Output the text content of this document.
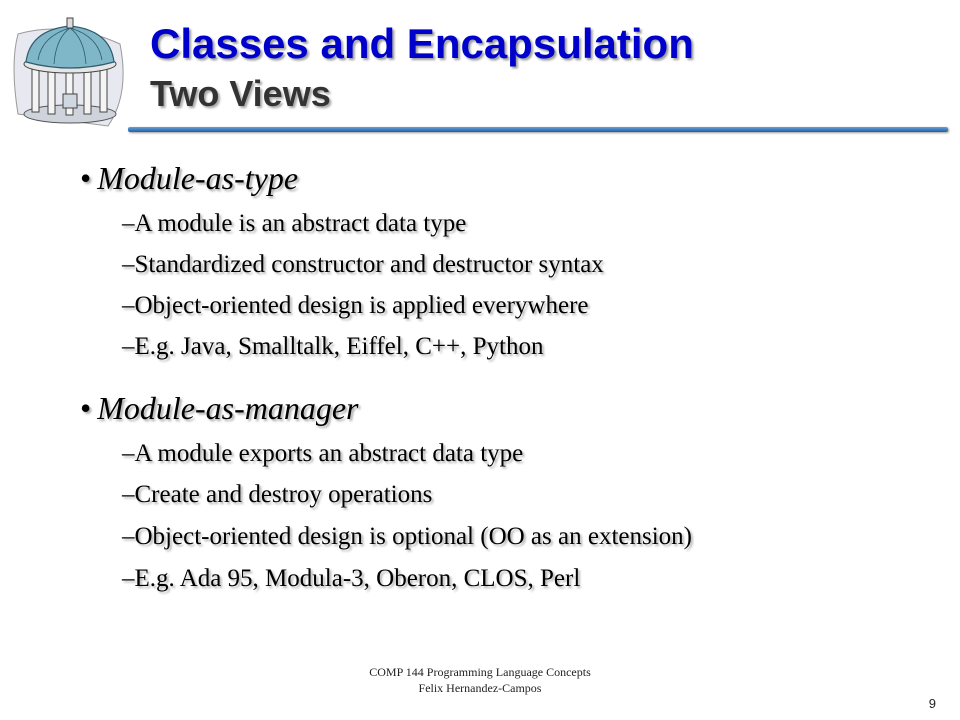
Classes and Encapsulation
Two Views
• Module-as-type
–A module is an abstract data type
–Standardized constructor and destructor syntax
–Object-oriented design is applied everywhere
–E.g. Java, Smalltalk, Eiffel, C++, Python
• Module-as-manager
–A module exports an abstract data type
–Create and destroy operations
–Object-oriented design is optional (OO as an extension)
–E.g. Ada 95, Modula-3, Oberon, CLOS, Perl
COMP 144 Programming Language Concepts
Felix Hernandez-Campos
9
